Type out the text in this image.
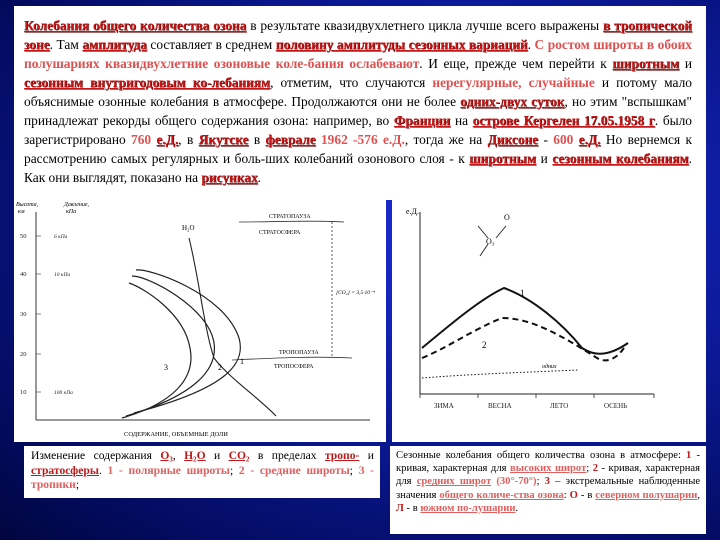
Колебания общего количества озона в результате квазидвухлетнего цикла лучше всего выражены в тропической зоне. Там амплитуда составляет в среднем половину амплитуды сезонных вариаций. С ростом широты в обоих полушариях квазидвухлетние озоновые коле-бания ослабевают. И еще, прежде чем перейти к широтным и сезонным внутригодовым ко-лебаниям, отметим, что случаются нерегулярные, случайные и потому мало объяснимые озонные колебания в атмосфере. Продолжаются они не более одних-двух суток, но этим "вспышкам" принадлежат рекорды общего содержания озона: например, во Франции на острове Кергелен 17.05.1958 г. было зарегистрировано 760 е.Д., в Якутске в феврале 1962 -576 е.Д., тогда же на Диксоне - 600 е.Д. Но вернемся к рассмотрению самых регулярных и боль-ших колебаний озонового слоя - к широтным и сезонным колебаниям. Как они выглядят, показано на рисунках.
Высота,
км
Давление,
кПа
50
40
30
20
10
6 кПа
10 кПа
100 кПа
СТРАТОПАУЗА
СТРАТОСФЕРА
ТРОПОПАУЗА
ТРОПОСФЕРА
[CO₂] = 3,5·10⁻⁴
H₂O
1
2
3
СОДЕРЖАНИЕ, ОБЪЕМНЫЕ ДОЛИ
е.Д.
O
O₃
1
2
одних
ЗИМА	ВЕСНА	ЛЕТО	ОСЕНЬ
Изменение содержания O₃, H₂O и CO₂ в пределах тропо- и стратосферы. 1 - полярные широты; 2 - средние широты; 3 - тропики;
Сезонные колебания общего количества озона в атмосфере: 1 - кривая, характерная для высоких широт; 2 - кривая, характерная для средних широт (30°-70°); 3 – экстремальные наблюденные значения общего количе-ства озона: О - в северном полушарии, Л - в южном по-лушарии.
